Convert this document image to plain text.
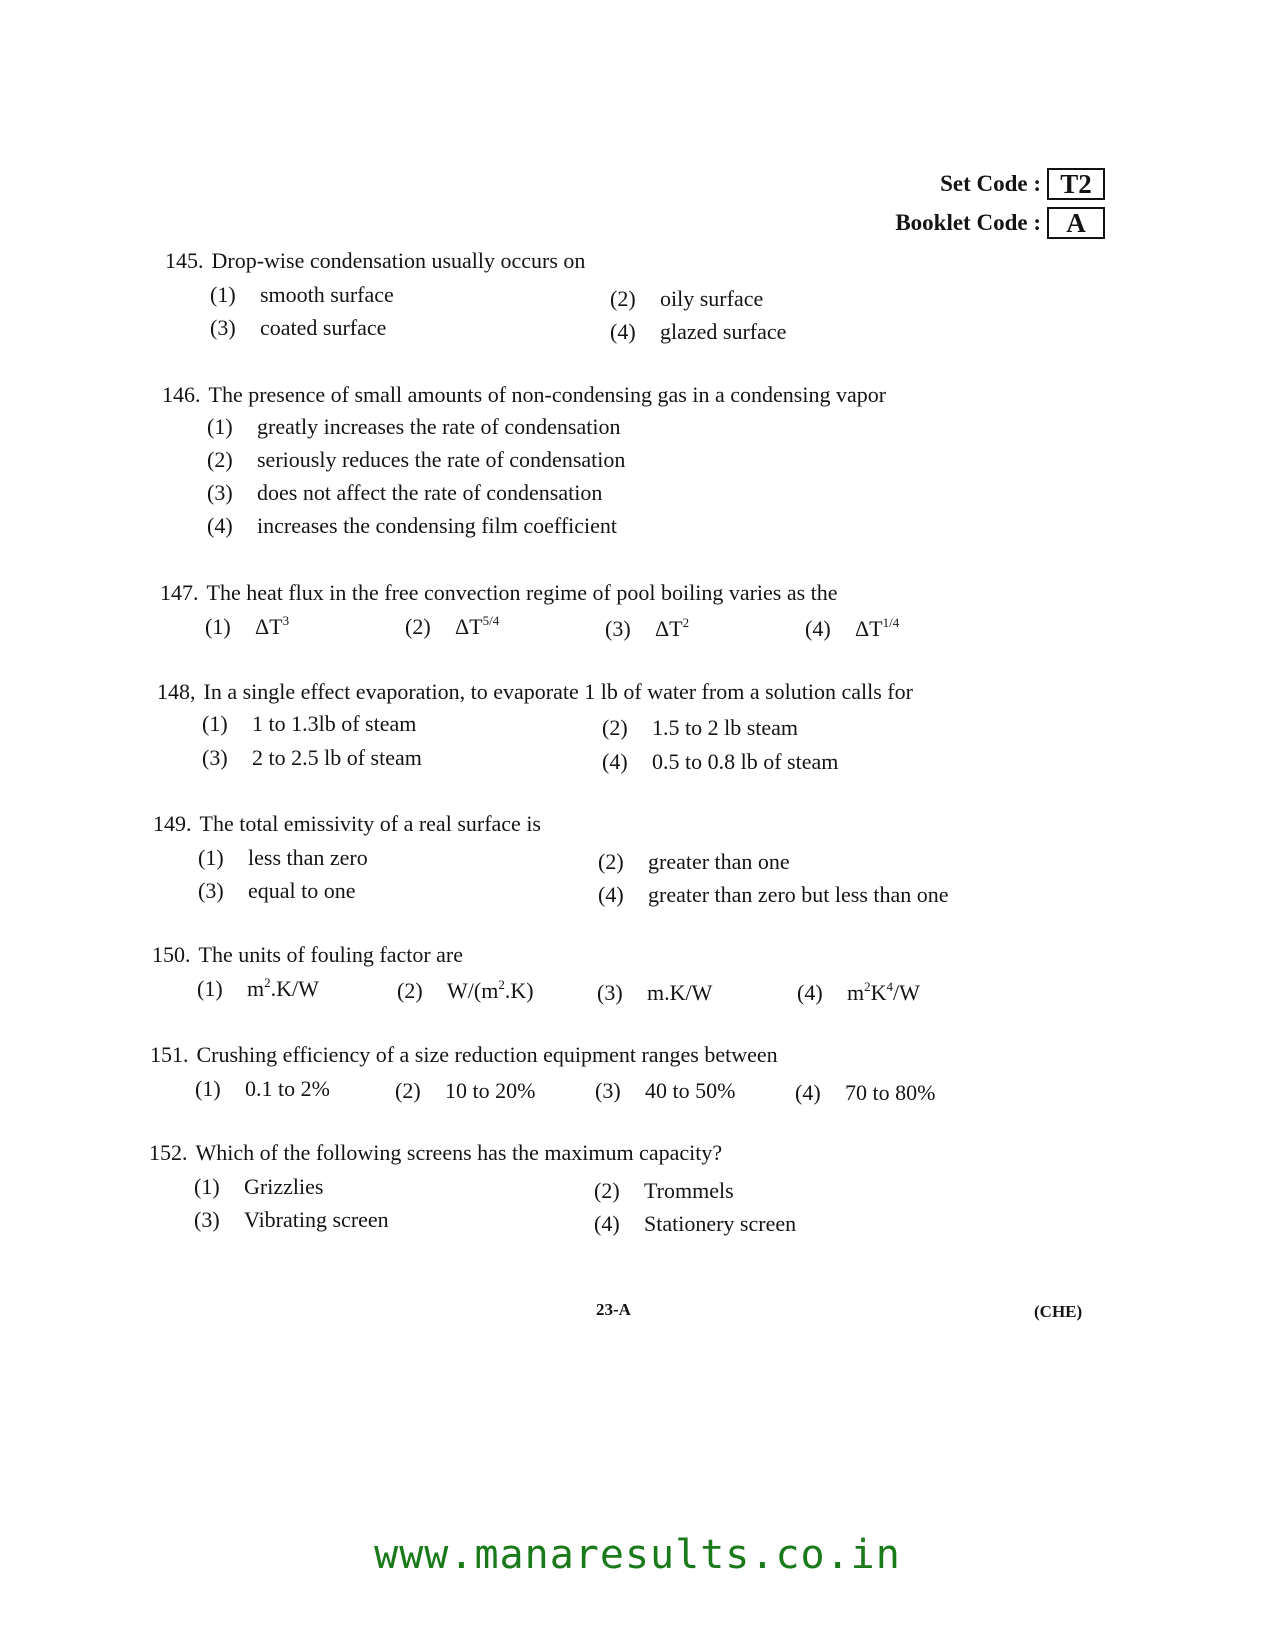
Set Code : T2
Booklet Code : A
145. Drop-wise condensation usually occurs on
(1) smooth surface	(2) oily surface
(3) coated surface	(4) glazed surface
146. The presence of small amounts of non-condensing gas in a condensing vapor
(1) greatly increases the rate of condensation
(2) seriously reduces the rate of condensation
(3) does not affect the rate of condensation
(4) increases the condensing film coefficient
147. The heat flux in the free convection regime of pool boiling varies as the
(1) $\Delta T^3$	(2) $\Delta T^{5/4}$	(3) $\Delta T^2$	(4) $\Delta T^{1/4}$
148, In a single effect evaporation, to evaporate 1 lb of water from a solution calls for
(1) 1 to 1.3lb of steam	(2) 1.5 to 2 lb steam
(3) 2 to 2.5 lb of steam	(4) 0.5 to 0.8 lb of steam
149. The total emissivity of a real surface is
(1) less than zero	(2) greater than one
(3) equal to one	(4) greater than zero but less than one
150. The units of fouling factor are
(1) $m^2.K/W$	(2) $W/(m^2.K)$	(3) m.K/W	(4) $m^2K^4/W$
151. Crushing efficiency of a size reduction equipment ranges between
(1) 0.1 to 2%	(2) 10 to 20%	(3) 40 to 50%	(4) 70 to 80%
152. Which of the following screens has the maximum capacity?
(1) Grizzlies	(2) Trommels
(3) Vibrating screen	(4) Stationery screen
23-A	(CHE)
www.manaresults.co.in
